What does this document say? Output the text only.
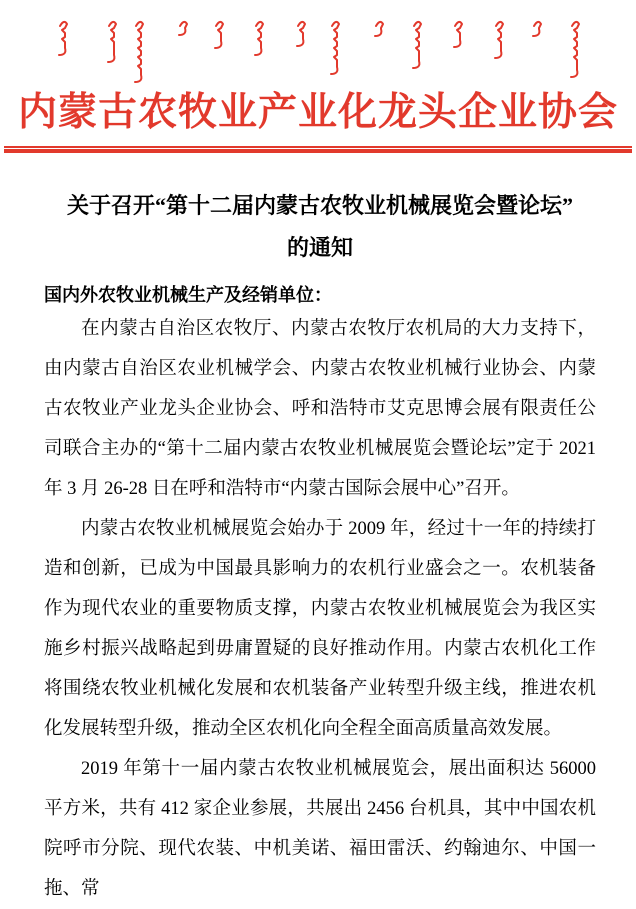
内蒙古农牧业产业化龙头企业协会
关于召开“第十二届内蒙古农牧业机械展览会暨论坛”
的通知

国内外农牧业机械生产及经销单位：

在内蒙古自治区农牧厅、内蒙古农牧厅农机局的大力支持下，由内蒙古自治区农业机械学会、内蒙古农牧业机械行业协会、内蒙古农牧业产业龙头企业协会、呼和浩特市艾克思博会展有限责任公司联合主办的“第十二届内蒙古农牧业机械展览会暨论坛”定于 2021 年 3 月 26-28 日在呼和浩特市“内蒙古国际会展中心”召开。

内蒙古农牧业机械展览会始办于 2009 年，经过十一年的持续打造和创新，已成为中国最具影响力的农机行业盛会之一。农机装备作为现代农业的重要物质支撑，内蒙古农牧业机械展览会为我区实施乡村振兴战略起到毋庸置疑的良好推动作用。内蒙古农机化工作将围绕农牧业机械化发展和农机装备产业转型升级主线，推进农机化发展转型升级，推动全区农机化向全程全面高质量高效发展。

2019 年第十一届内蒙古农牧业机械展览会，展出面积达 56000 平方米，共有 412 家企业参展，共展出 2456 台机具，其中中国农机院呼市分院、现代农装、中机美诺、福田雷沃、约翰迪尔、中国一拖、常
